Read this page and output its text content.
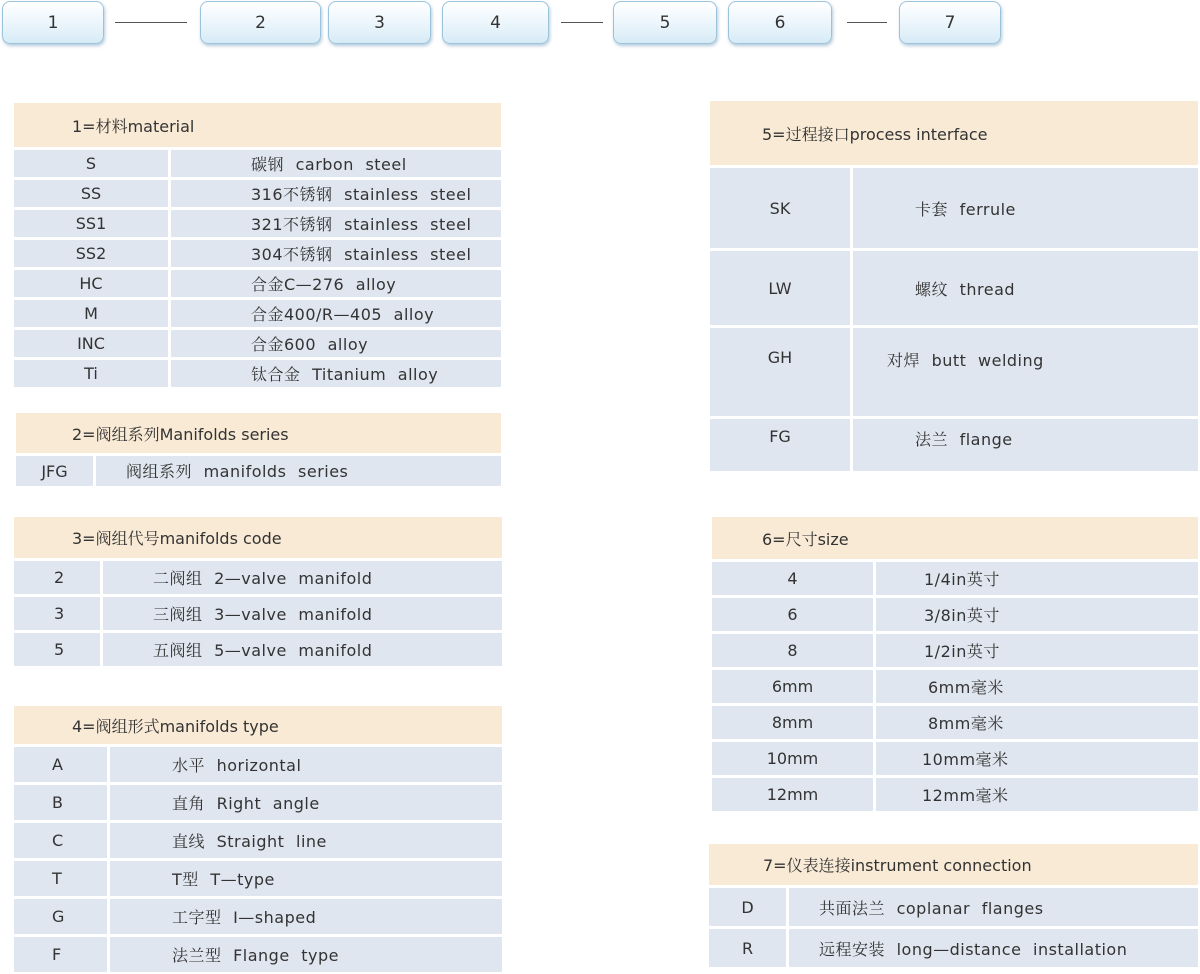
1	2	3	4	5	6	7
1=材料material
S	碳钢 carbon steel
SS	316不锈钢 stainless steel
SS1	321不锈钢 stainless steel
SS2	304不锈钢 stainless steel
HC	合金C—276 alloy
M	合金400/R—405 alloy
INC	合金600 alloy
Ti	钛合金 Titanium alloy
2=阀组系列Manifolds series
JFG	阀组系列 manifolds series
3=阀组代号manifolds code
2	二阀组 2—valve manifold
3	三阀组 3—valve manifold
5	五阀组 5—valve manifold
4=阀组形式manifolds type
A	水平 horizontal
B	直角 Right angle
C	直线 Straight line
T	T型 T—type
G	工字型 I—shaped
F	法兰型 Flange type
5=过程接口process interface
SK	卡套 ferrule
LW	螺纹 thread
GH	对焊 butt welding
FG	法兰 flange
6=尺寸size
4	1/4in英寸
6	3/8in英寸
8	1/2in英寸
6mm	6mm毫米
8mm	8mm毫米
10mm	10mm毫米
12mm	12mm毫米
7=仪表连接instrument connection
D	共面法兰 coplanar flanges
R	远程安装 long—distance installation
